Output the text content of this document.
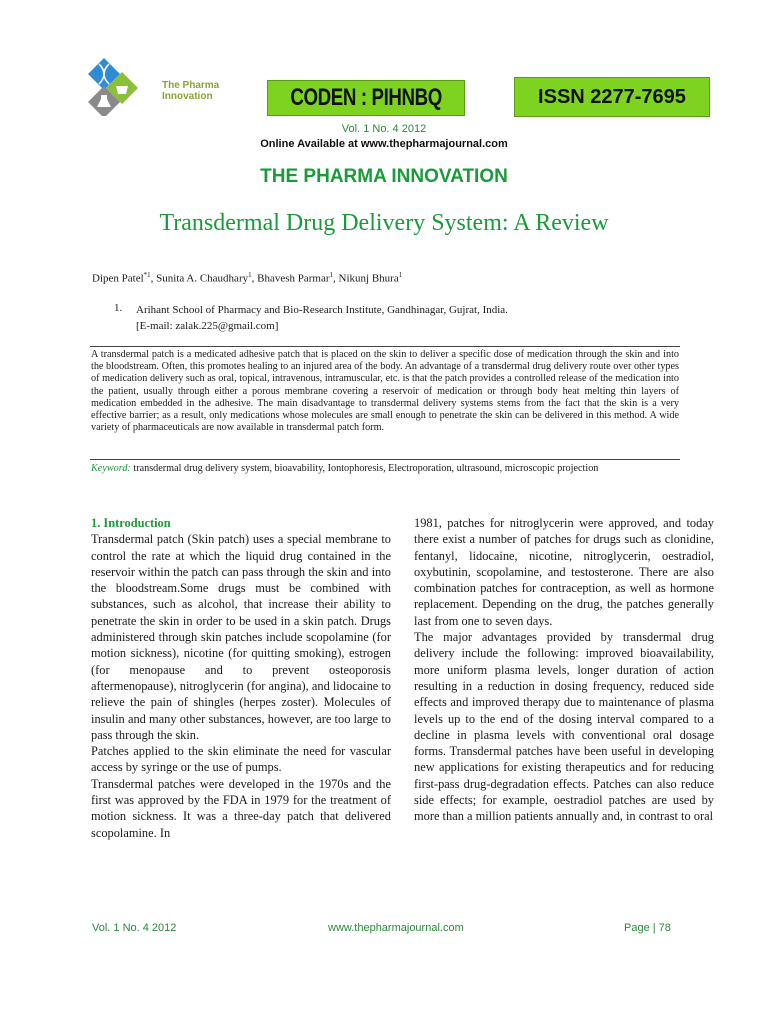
The Pharma
Innovation	CODEN : PIHNBQ	ISSN 2277-7695
Vol. 1 No. 4 2012
Online Available at www.thepharmajournal.com
THE PHARMA INNOVATION
Transdermal Drug Delivery System: A Review
Dipen Patel$^{*1}$, Sunita A. Chaudhary$^1$, Bhavesh Parmar$^1$, Nikunj Bhura$^1$
1. Arihant School of Pharmacy and Bio-Research Institute, Gandhinagar, Gujrat, India.
[E-mail: zalak.225@gmail.com]
A transdermal patch is a medicated adhesive patch that is placed on the skin to deliver a specific dose of medication through the skin and into the bloodstream. Often, this promotes healing to an injured area of the body. An advantage of a transdermal drug delivery route over other types of medication delivery such as oral, topical, intravenous, intramuscular, etc. is that the patch provides a controlled release of the medication into the patient, usually through either a porous membrane covering a reservoir of medication or through body heat melting thin layers of medication embedded in the adhesive. The main disadvantage to transdermal delivery systems stems from the fact that the skin is a very effective barrier; as a result, only medications whose molecules are small enough to penetrate the skin can be delivered in this method. A wide variety of pharmaceuticals are now available in transdermal patch form.
Keyword: transdermal drug delivery system, bioavability, Iontophoresis, Electroporation, ultrasound, microscopic projection
1. Introduction

Transdermal patch (Skin patch) uses a special membrane to control the rate at which the liquid drug contained in the reservoir within the patch can pass through the skin and into the bloodstream.Some drugs must be combined with substances, such as alcohol, that increase their ability to penetrate the skin in order to be used in a skin patch. Drugs administered through skin patches include scopolamine (for motion sickness), nicotine (for quitting smoking), estrogen (for menopause and to prevent osteoporosis aftermenopause), nitroglycerin (for angina), and lidocaine to relieve the pain of shingles (herpes zoster). Molecules of insulin and many other substances, however, are too large to pass through the skin.

Patches applied to the skin eliminate the need for vascular access by syringe or the use of pumps.

Transdermal patches were developed in the 1970s and the first was approved by the FDA in 1979 for the treatment of motion sickness. It was a three-day patch that delivered scopolamine. In

1981, patches for nitroglycerin were approved, and today there exist a number of patches for drugs such as clonidine, fentanyl, lidocaine, nicotine, nitroglycerin, oestradiol, oxybutinin, scopolamine, and testosterone. There are also combination patches for contraception, as well as hormone replacement. Depending on the drug, the patches generally last from one to seven days.

The major advantages provided by transdermal drug delivery include the following: improved bioavailability, more uniform plasma levels, longer duration of action resulting in a reduction in dosing frequency, reduced side effects and improved therapy due to maintenance of plasma levels up to the end of the dosing interval compared to a decline in plasma levels with conventional oral dosage forms. Transdermal patches have been useful in developing new applications for existing therapeutics and for reducing first-pass drug-degradation effects. Patches can also reduce side effects; for example, oestradiol patches are used by more than a million patients annually and, in contrast to oral

Vol. 1 No. 4 2012	www.thepharmajournal.com	Page | 78
